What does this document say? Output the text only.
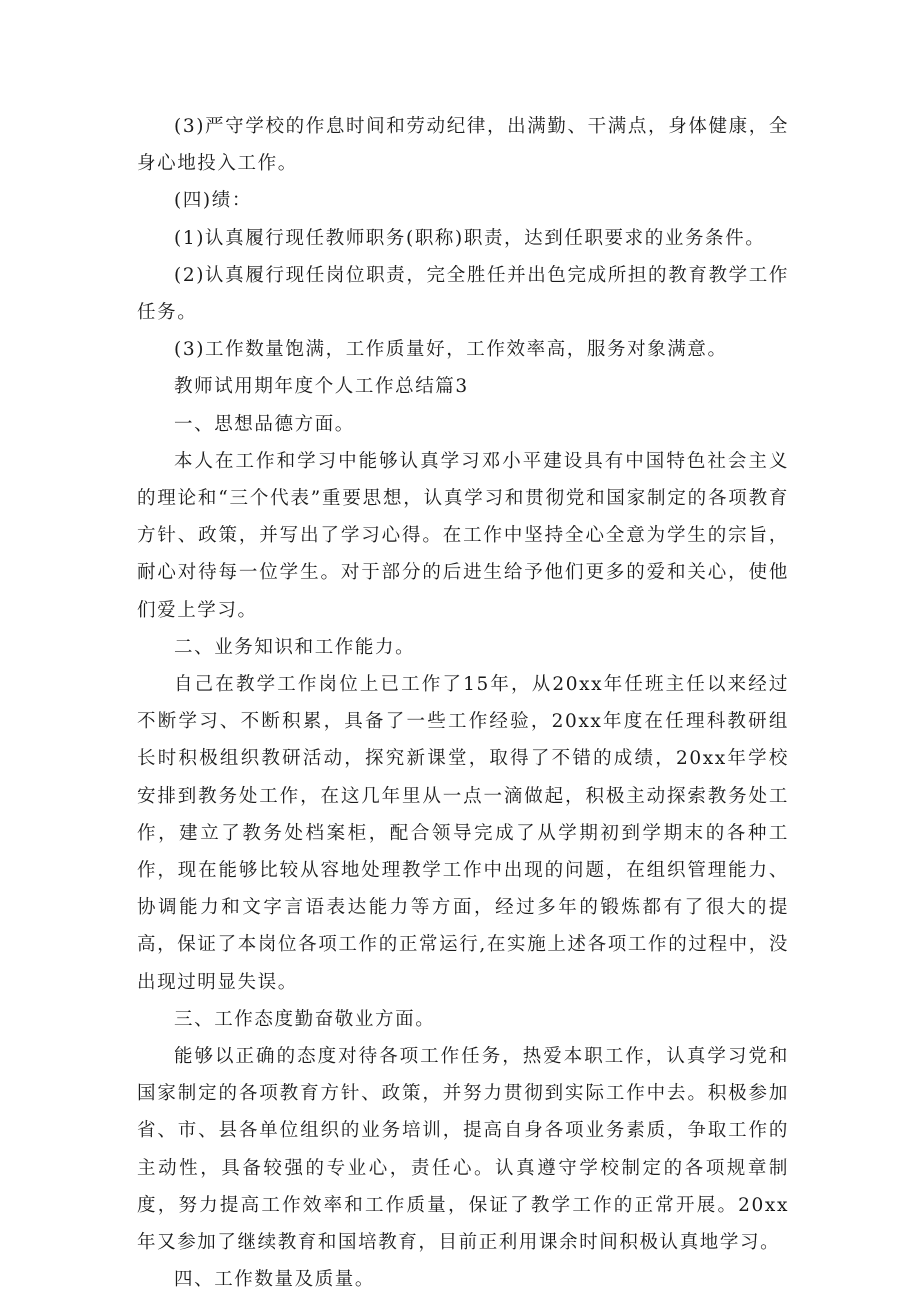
(3)严守学校的作息时间和劳动纪律，出满勤、干满点，身体健康，全身心地投入工作。

(四)绩：

(1)认真履行现任教师职务(职称)职责，达到任职要求的业务条件。

(2)认真履行现任岗位职责，完全胜任并出色完成所担的教育教学工作任务。

(3)工作数量饱满，工作质量好，工作效率高，服务对象满意。

教师试用期年度个人工作总结篇3

一、思想品德方面。

本人在工作和学习中能够认真学习邓小平建设具有中国特色社会主义的理论和“三个代表”重要思想，认真学习和贯彻党和国家制定的各项教育方针、政策，并写出了学习心得。在工作中坚持全心全意为学生的宗旨，耐心对待每一位学生。对于部分的后进生给予他们更多的爱和关心，使他们爱上学习。

二、业务知识和工作能力。

自己在教学工作岗位上已工作了15年，从20xx年任班主任以来经过不断学习、不断积累，具备了一些工作经验，20xx年度在任理科教研组长时积极组织教研活动，探究新课堂，取得了不错的成绩，20xx年学校安排到教务处工作，在这几年里从一点一滴做起，积极主动探索教务处工作，建立了教务处档案柜，配合领导完成了从学期初到学期末的各种工作，现在能够比较从容地处理教学工作中出现的问题，在组织管理能力、协调能力和文字言语表达能力等方面，经过多年的锻炼都有了很大的提高，保证了本岗位各项工作的正常运行,在实施上述各项工作的过程中，没出现过明显失误。

三、工作态度勤奋敬业方面。

能够以正确的态度对待各项工作任务，热爱本职工作，认真学习党和国家制定的各项教育方针、政策，并努力贯彻到实际工作中去。积极参加省、市、县各单位组织的业务培训，提高自身各项业务素质，争取工作的主动性，具备较强的专业心，责任心。认真遵守学校制定的各项规章制度，努力提高工作效率和工作质量，保证了教学工作的正常开展。20xx年又参加了继续教育和国培教育，目前正利用课余时间积极认真地学习。

四、工作数量及质量。
